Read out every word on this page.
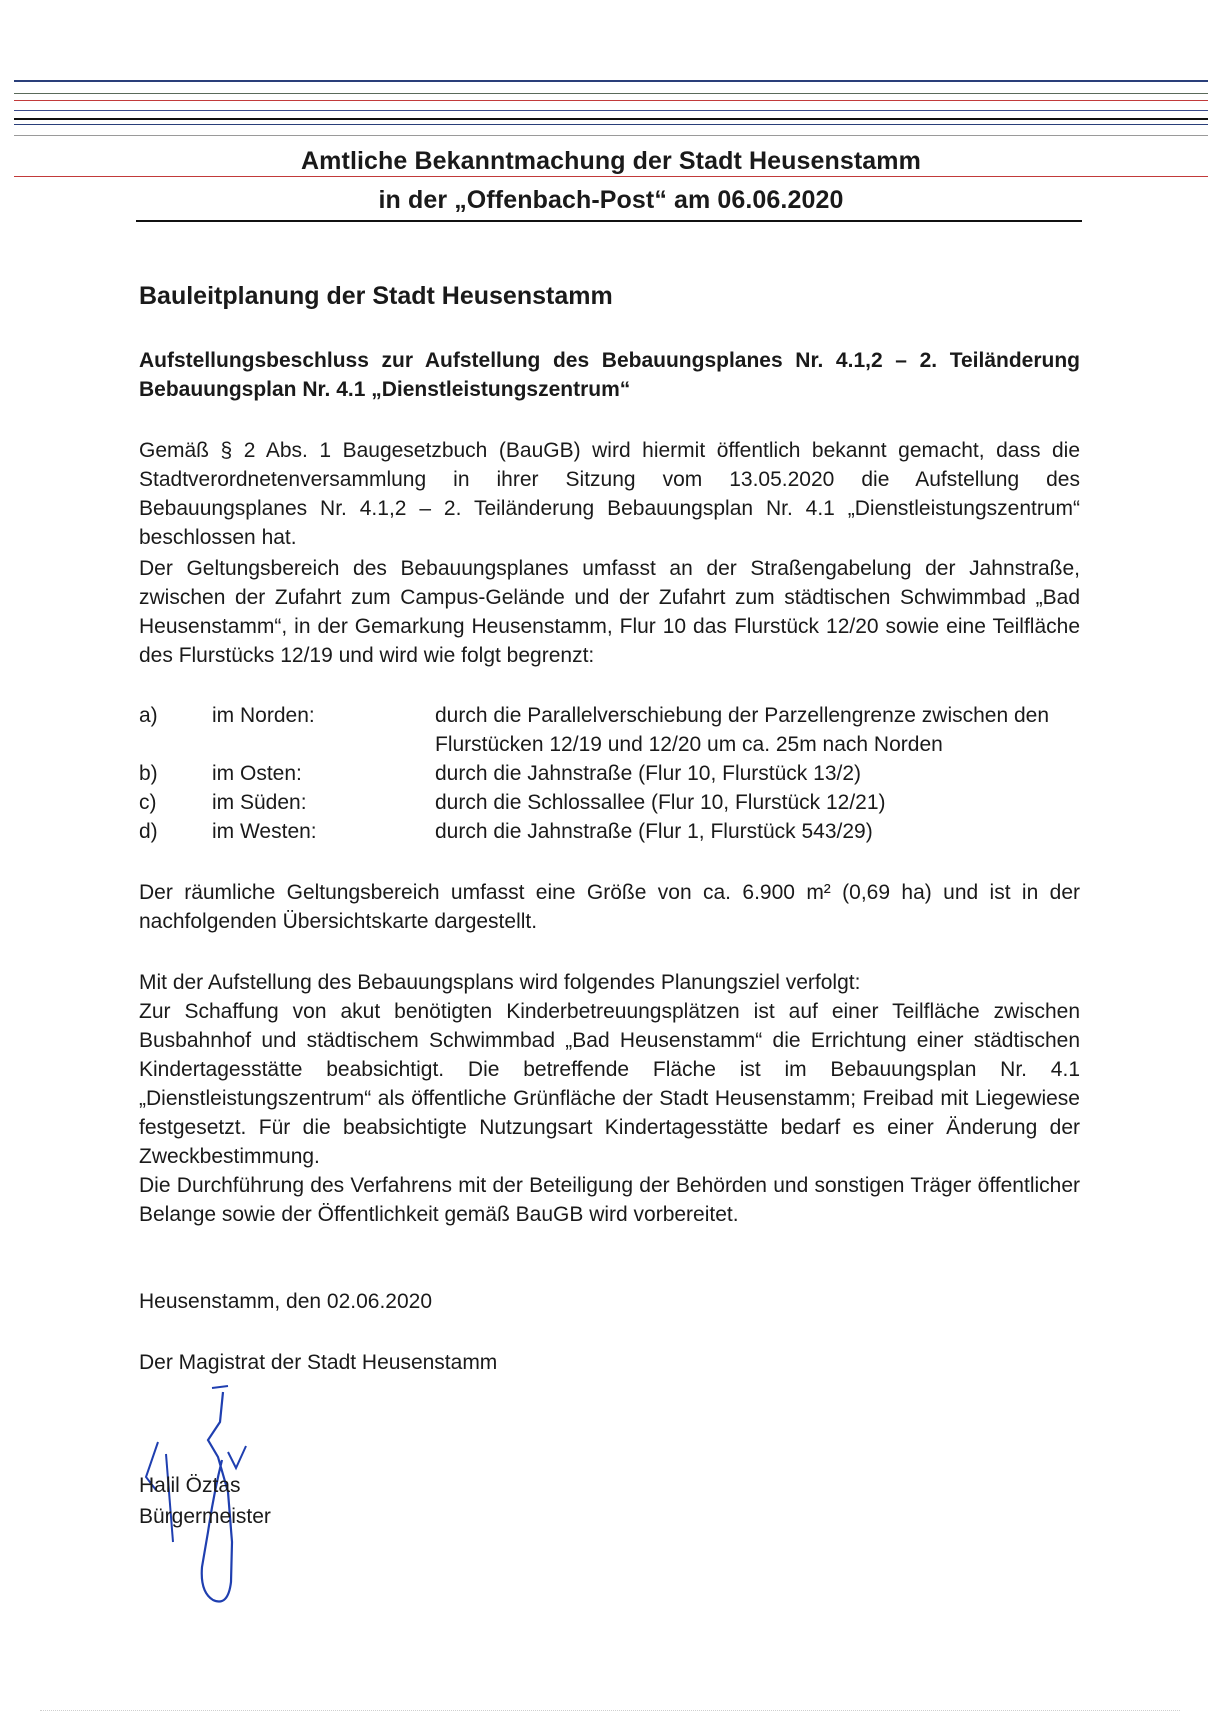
Amtliche Bekanntmachung der Stadt Heusenstamm
in der „Offenbach-Post“ am 06.06.2020
Bauleitplanung der Stadt Heusenstamm

Aufstellungsbeschluss zur Aufstellung des Bebauungsplanes Nr. 4.1,2 – 2. Teiländerung Bebauungsplan Nr. 4.1 „Dienstleistungszentrum“

Gemäß § 2 Abs. 1 Baugesetzbuch (BauGB) wird hiermit öffentlich bekannt gemacht, dass die Stadtverordnetenversammlung in ihrer Sitzung vom 13.05.2020 die Aufstellung des Bebauungsplanes Nr. 4.1,2 – 2. Teiländerung Bebauungsplan Nr. 4.1 „Dienstleistungszentrum“ beschlossen hat.

Der Geltungsbereich des Bebauungsplanes umfasst an der Straßengabelung der Jahnstraße, zwischen der Zufahrt zum Campus-Gelände und der Zufahrt zum städtischen Schwimmbad „Bad Heusenstamm“, in der Gemarkung Heusenstamm, Flur 10 das Flurstück 12/20 sowie eine Teilfläche des Flurstücks 12/19 und wird wie folgt begrenzt:

a)	im Norden:	durch die Parallelverschiebung der Parzellengrenze zwischen den
Flurstücken 12/19 und 12/20 um ca. 25m nach Norden
b)	im Osten:	durch die Jahnstraße (Flur 10, Flurstück 13/2)
c)	im Süden:	durch die Schlossallee (Flur 10, Flurstück 12/21)
d)	im Westen:	durch die Jahnstraße (Flur 1, Flurstück 543/29)

Der räumliche Geltungsbereich umfasst eine Größe von ca. 6.900 m² (0,69 ha) und ist in der nachfolgenden Übersichtskarte dargestellt.

Mit der Aufstellung des Bebauungsplans wird folgendes Planungsziel verfolgt:

Zur Schaffung von akut benötigten Kinderbetreuungsplätzen ist auf einer Teilfläche zwischen Busbahnhof und städtischem Schwimmbad „Bad Heusenstamm“ die Errichtung einer städtischen Kindertagesstätte beabsichtigt. Die betreffende Fläche ist im Bebauungsplan Nr. 4.1 „Dienstleistungszentrum“ als öffentliche Grünfläche der Stadt Heusenstamm; Freibad mit Liegewiese festgesetzt. Für die beabsichtigte Nutzungsart Kindertagesstätte bedarf es einer Änderung der Zweckbestimmung.

Die Durchführung des Verfahrens mit der Beteiligung der Behörden und sonstigen Träger öffentlicher Belange sowie der Öffentlichkeit gemäß BauGB wird vorbereitet.

Heusenstamm, den 02.06.2020
Der Magistrat der Stadt Heusenstamm
Halil Öztas
Bürgermeister
